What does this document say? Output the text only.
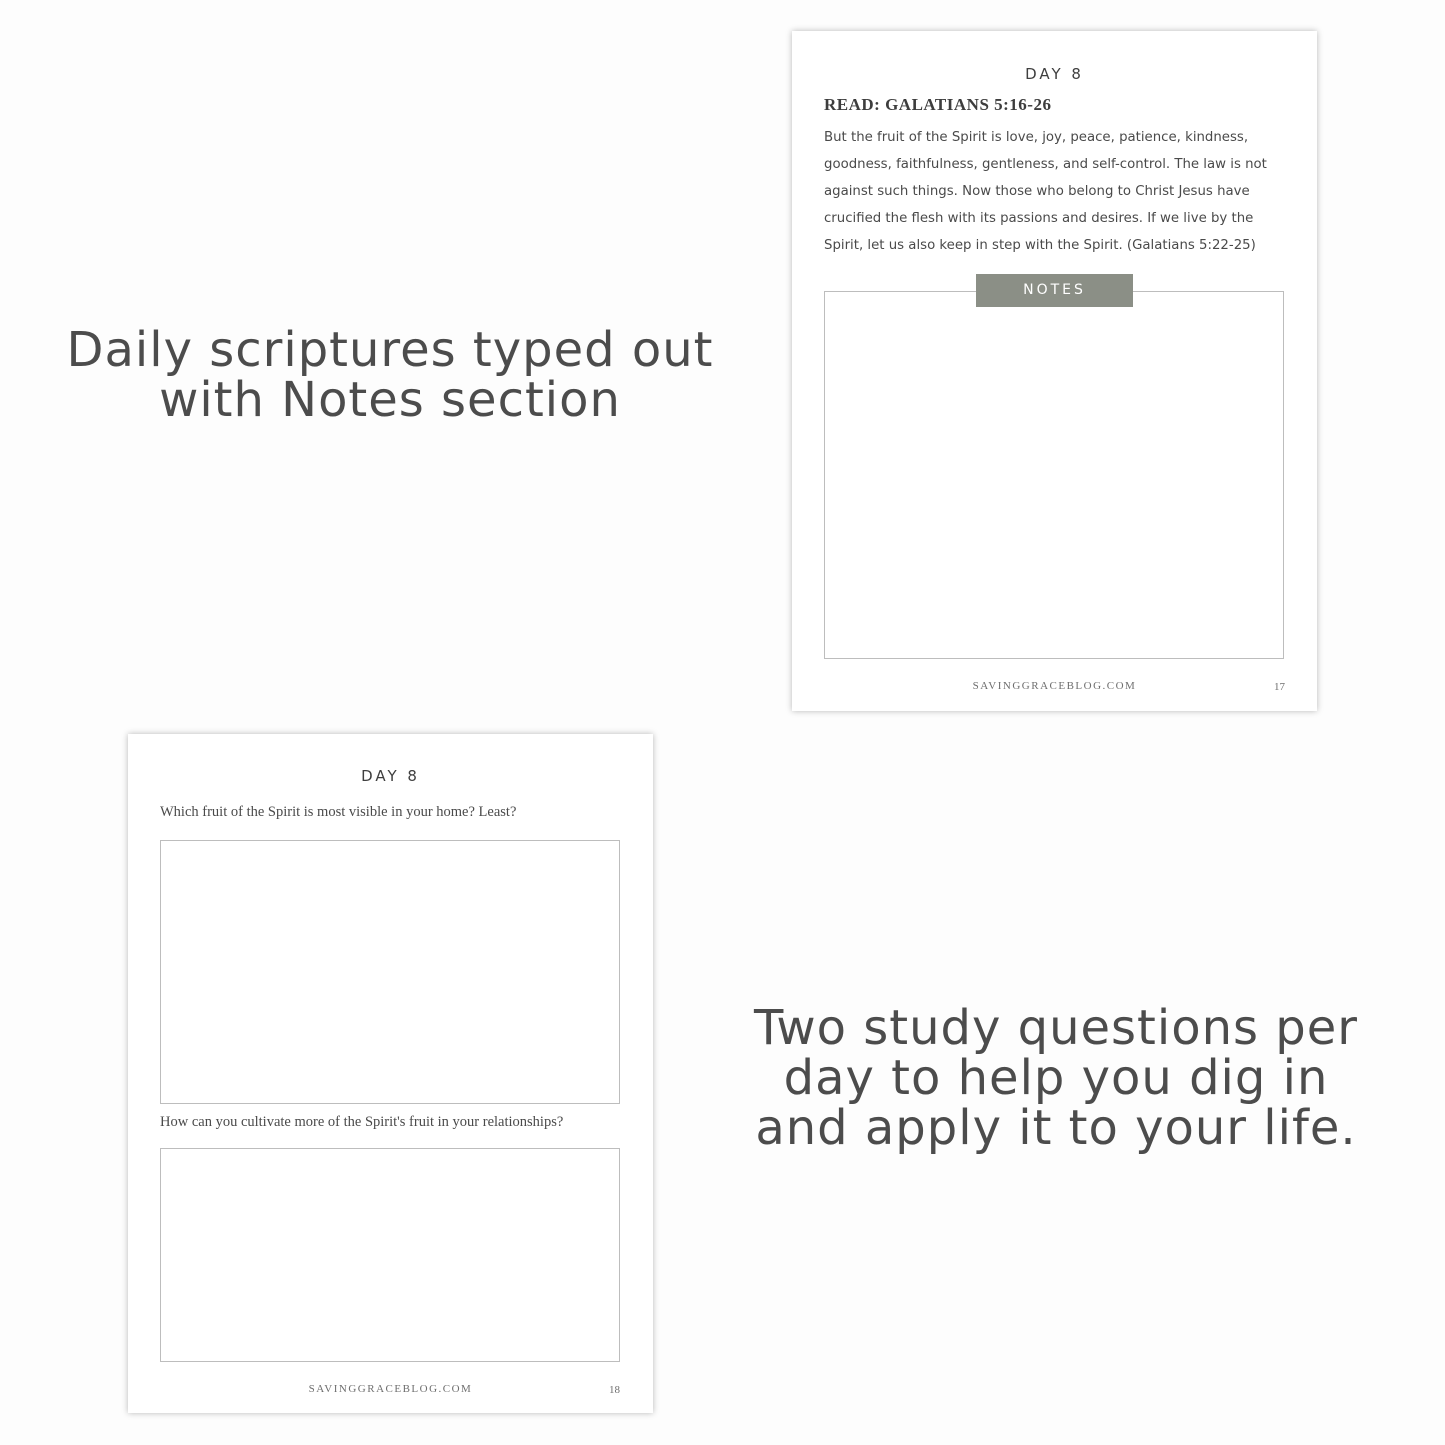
Daily scriptures typed out
with Notes section
DAY 8
READ: GALATIANS 5:16-26
But the fruit of the Spirit is love, joy, peace, patience, kindness,
goodness, faithfulness, gentleness, and self-control. The law is not
against such things. Now those who belong to Christ Jesus have
crucified the flesh with its passions and desires. If we live by the
Spirit, let us also keep in step with the Spirit. (Galatians 5:22-25)
NOTES
SAVINGGRACEBLOG.COM	17
DAY 8
Which fruit of the Spirit is most visible in your home? Least?
How can you cultivate more of the Spirit's fruit in your relationships?
SAVINGGRACEBLOG.COM	18
Two study questions per
day to help you dig in
and apply it to your life.
